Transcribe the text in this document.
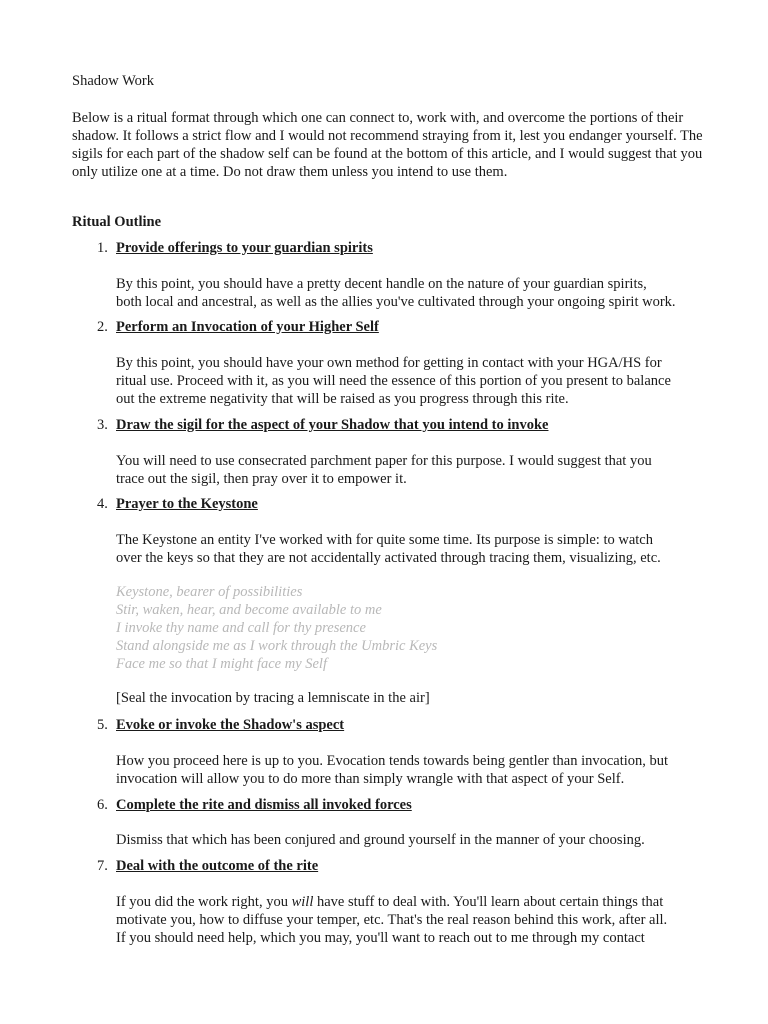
Shadow Work

Below is a ritual format through which one can connect to, work with, and overcome the portions of their shadow. It follows a strict flow and I would not recommend straying from it, lest you endanger yourself. The sigils for each part of the shadow self can be found at the bottom of this article, and I would suggest that you only utilize one at a time. Do not draw them unless you intend to use them.

Ritual Outline
1. Provide offerings to your guardian spirits

By this point, you should have a pretty decent handle on the nature of your guardian spirits,
both local and ancestral, as well as the allies you've cultivated through your ongoing spirit work.

2. Perform an Invocation of your Higher Self

By this point, you should have your own method for getting in contact with your HGA/HS for
ritual use. Proceed with it, as you will need the essence of this portion of you present to balance
out the extreme negativity that will be raised as you progress through this rite.

3. Draw the sigil for the aspect of your Shadow that you intend to invoke

You will need to use consecrated parchment paper for this purpose. I would suggest that you
trace out the sigil, then pray over it to empower it.

4. Prayer to the Keystone

The Keystone an entity I've worked with for quite some time. Its purpose is simple: to watch
over the keys so that they are not accidentally activated through tracing them, visualizing, etc.

Keystone, bearer of possibilities
Stir, waken, hear, and become available to me
I invoke thy name and call for thy presence
Stand alongside me as I work through the Umbric Keys
Face me so that I might face my Self

[Seal the invocation by tracing a lemniscate in the air]

5. Evoke or invoke the Shadow's aspect

How you proceed here is up to you. Evocation tends towards being gentler than invocation, but
invocation will allow you to do more than simply wrangle with that aspect of your Self.

6. Complete the rite and dismiss all invoked forces

Dismiss that which has been conjured and ground yourself in the manner of your choosing.

7. Deal with the outcome of the rite

If you did the work right, you will have stuff to deal with. You'll learn about certain things that
motivate you, how to diffuse your temper, etc. That's the real reason behind this work, after all.
If you should need help, which you may, you'll want to reach out to me through my contact
